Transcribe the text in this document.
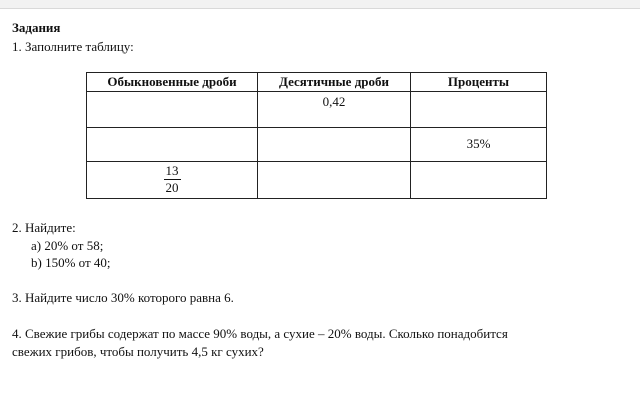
Задания
1. Заполните таблицу:
Обыкновенные дроби	Десятичные дроби	Проценты

	0,42	

		35%

$\frac{13}{20}$

2. Найдите:
а) 20% от 58;
b) 150% от 40;
3. Найдите число 30% которого равна 6.
4. Свежие грибы содержат по массе 90% воды, а сухие – 20% воды. Сколько понадобится
свежих грибов, чтобы получить 4,5 кг сухих?
